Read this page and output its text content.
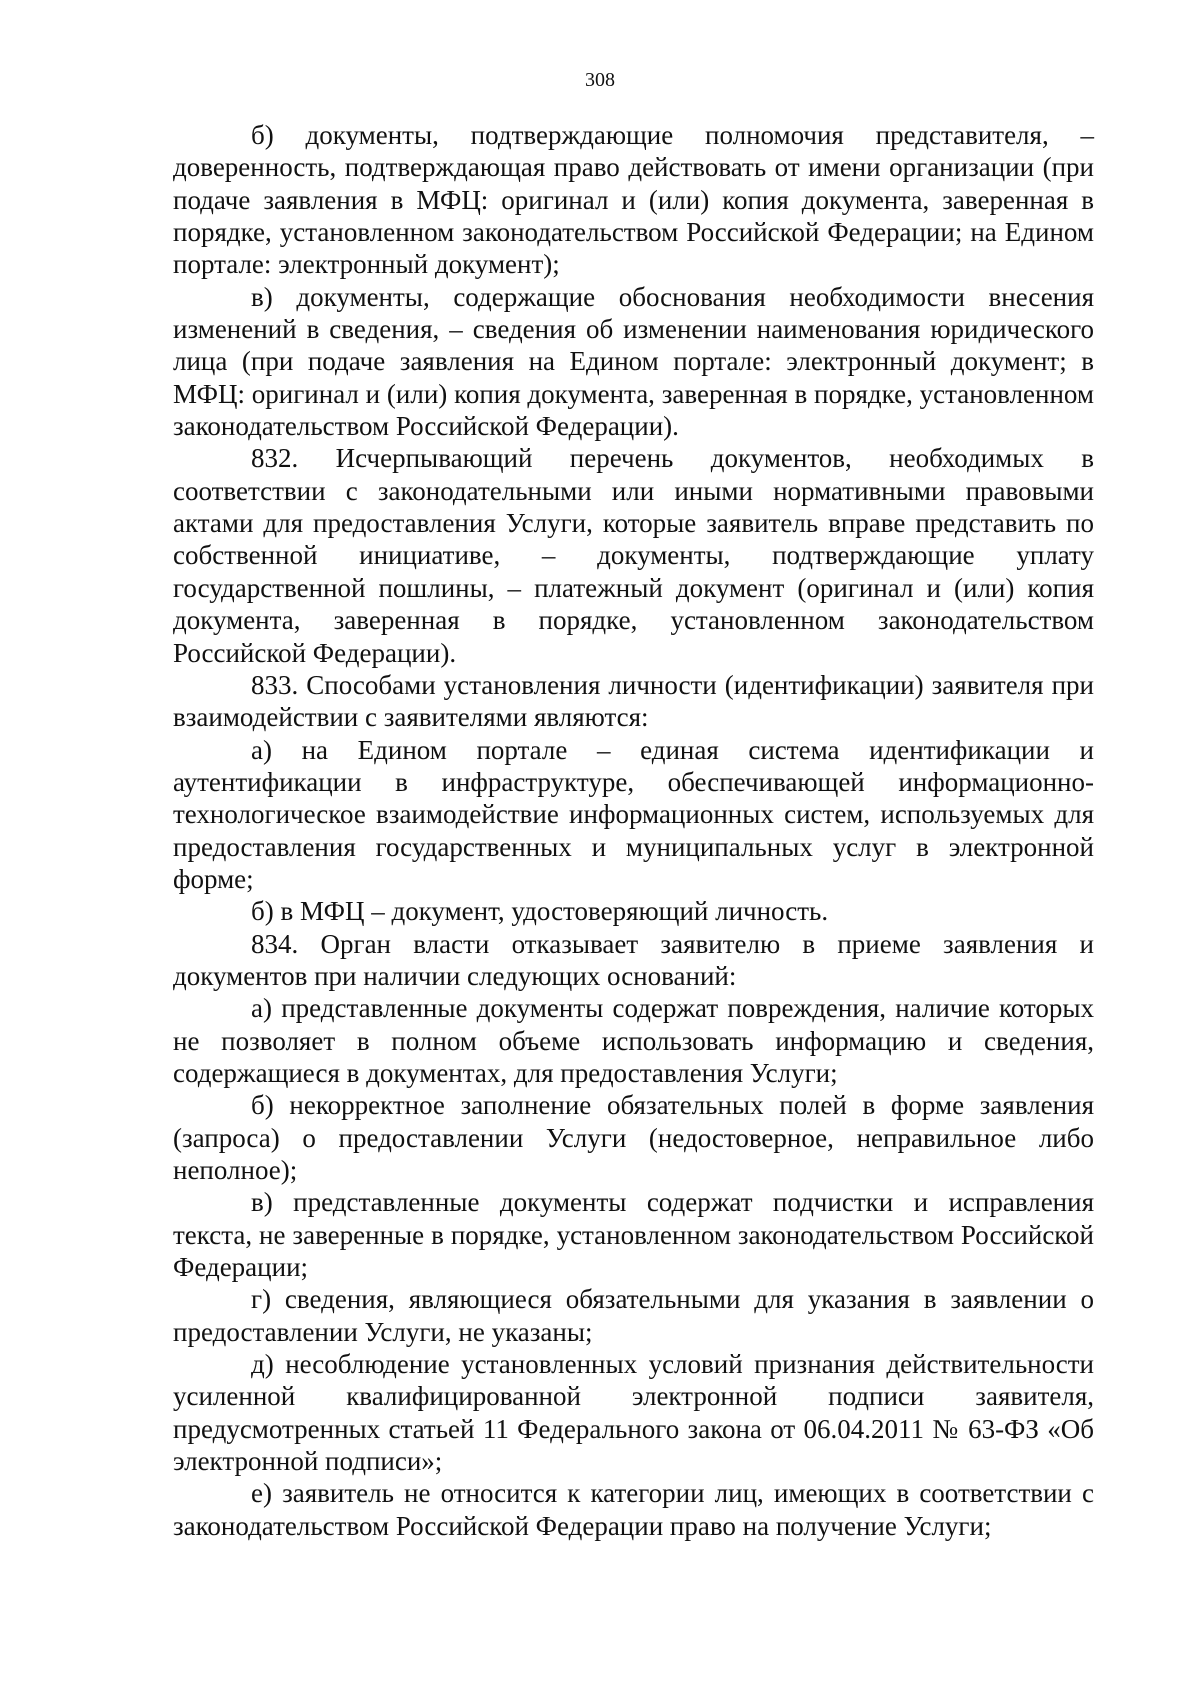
308

б) документы, подтверждающие полномочия представителя, – доверенность, подтверждающая право действовать от имени организации (при подаче заявления в МФЦ: оригинал и (или) копия документа, заверенная в порядке, установленном законодательством Российской Федерации; на Едином портале: электронный документ);

в) документы, содержащие обоснования необходимости внесения изменений в сведения, – сведения об изменении наименования юридического лица (при подаче заявления на Едином портале: электронный документ; в МФЦ: оригинал и (или) копия документа, заверенная в порядке, установленном законодательством Российской Федерации).

832. Исчерпывающий перечень документов, необходимых в соответствии с законодательными или иными нормативными правовыми актами для предоставления Услуги, которые заявитель вправе представить по собственной инициативе, – документы, подтверждающие уплату государственной пошлины, – платежный документ (оригинал и (или) копия документа, заверенная в порядке, установленном законодательством Российской Федерации).

833. Способами установления личности (идентификации) заявителя при взаимодействии с заявителями являются:

а) на Едином портале – единая система идентификации и аутентификации в инфраструктуре, обеспечивающей информационно-технологическое взаимодействие информационных систем, используемых для предоставления государственных и муниципальных услуг в электронной форме;

б) в МФЦ – документ, удостоверяющий личность.

834. Орган власти отказывает заявителю в приеме заявления и документов при наличии следующих оснований:

а) представленные документы содержат повреждения, наличие которых не позволяет в полном объеме использовать информацию и сведения, содержащиеся в документах, для предоставления Услуги;

б) некорректное заполнение обязательных полей в форме заявления (запроса) о предоставлении Услуги (недостоверное, неправильное либо неполное);

в) представленные документы содержат подчистки и исправления текста, не заверенные в порядке, установленном законодательством Российской Федерации;

г) сведения, являющиеся обязательными для указания в заявлении о предоставлении Услуги, не указаны;

д) несоблюдение установленных условий признания действительности усиленной квалифицированной электронной подписи заявителя, предусмотренных статьей 11 Федерального закона от 06.04.2011 № 63-ФЗ «Об электронной подписи»;

е) заявитель не относится к категории лиц, имеющих в соответствии с законодательством Российской Федерации право на получение Услуги;
